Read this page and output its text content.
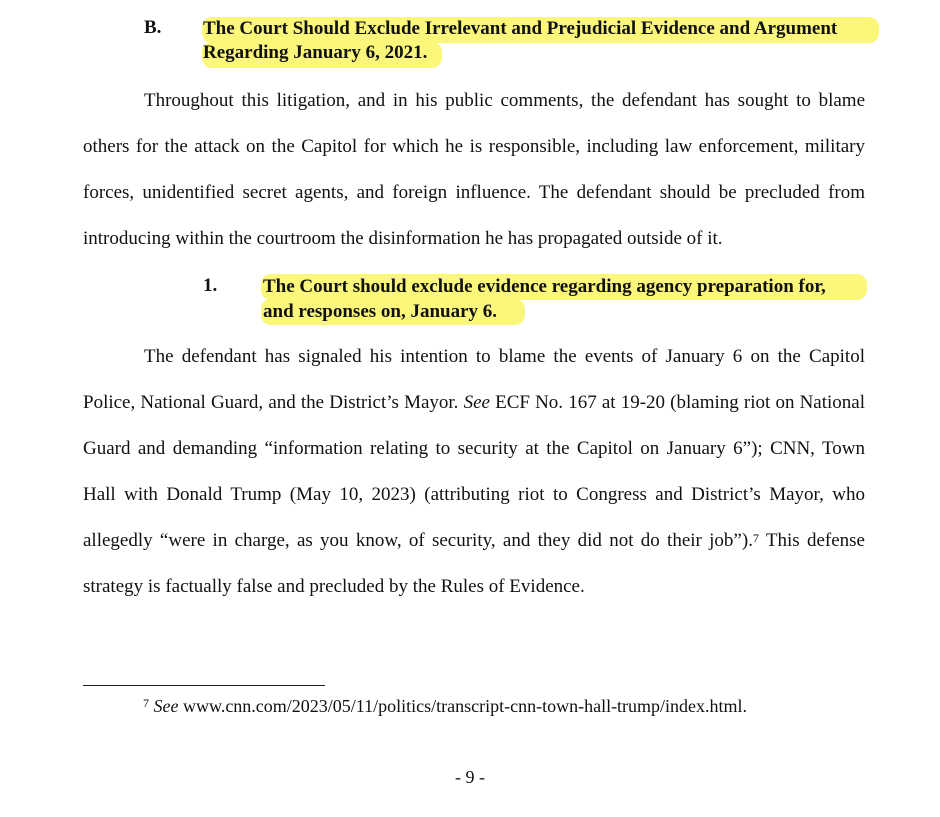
B. The Court Should Exclude Irrelevant and Prejudicial Evidence and Argument
Regarding January 6, 2021.
Throughout this litigation, and in his public comments, the defendant has sought to blame others for the attack on the Capitol for which he is responsible, including law enforcement, military forces, unidentified secret agents, and foreign influence. The defendant should be precluded from introducing within the courtroom the disinformation he has propagated outside of it.
1. The Court should exclude evidence regarding agency preparation for,
and responses on, January 6.
The defendant has signaled his intention to blame the events of January 6 on the Capitol Police, National Guard, and the District’s Mayor. See ECF No. 167 at 19-20 (blaming riot on National Guard and demanding “information relating to security at the Capitol on January 6”); CNN, Town Hall with Donald Trump (May 10, 2023) (attributing riot to Congress and District’s Mayor, who allegedly “were in charge, as you know, of security, and they did not do their job”).$^7$ This defense strategy is factually false and precluded by the Rules of Evidence.
$^7$ See www.cnn.com/2023/05/11/politics/transcript-cnn-town-hall-trump/index.html.
- 9 -
